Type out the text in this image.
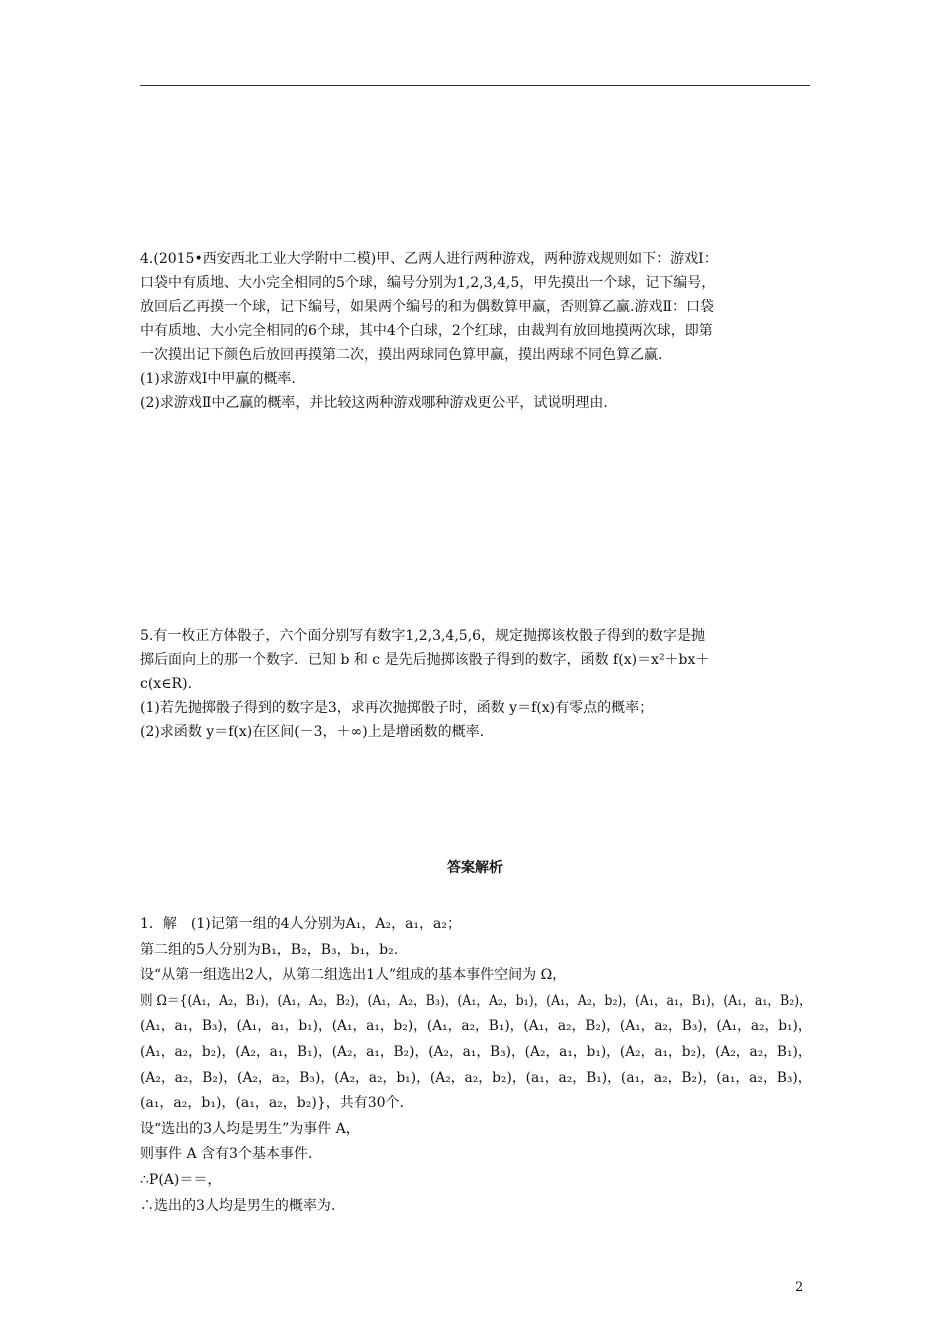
4.(2015•西安西北工业大学附中二模)甲、乙两人进行两种游戏，两种游戏规则如下：游戏Ⅰ：
口袋中有质地、大小完全相同的5个球，编号分别为1,2,3,4,5，甲先摸出一个球，记下编号，
放回后乙再摸一个球，记下编号，如果两个编号的和为偶数算甲赢，否则算乙赢.游戏Ⅱ：口袋
中有质地、大小完全相同的6个球，其中4个白球，2个红球，由裁判有放回地摸两次球，即第
一次摸出记下颜色后放回再摸第二次，摸出两球同色算甲赢，摸出两球不同色算乙赢.
(1)求游戏Ⅰ中甲赢的概率.
(2)求游戏Ⅱ中乙赢的概率，并比较这两种游戏哪种游戏更公平，试说明理由.
5.有一枚正方体骰子，六个面分别写有数字1,2,3,4,5,6，规定抛掷该枚骰子得到的数字是抛
掷后面向上的那一个数字．已知 b 和 c 是先后抛掷该骰子得到的数字，函数 f(x)＝x²＋bx＋
c(x∈R).
(1)若先抛掷骰子得到的数字是3，求再次抛掷骰子时，函数 y＝f(x)有零点的概率；
(2)求函数 y＝f(x)在区间(－3，＋∞)上是增函数的概率.
答案解析
1．解　(1)记第一组的4人分别为A₁，A₂，a₁，a₂；
第二组的5人分别为B₁，B₂，B₃，b₁，b₂.
设“从第一组选出2人，从第二组选出1人”组成的基本事件空间为 Ω，
则 Ω＝{(A₁，A₂，B₁)，(A₁，A₂，B₂)，(A₁，A₂，B₃)，(A₁，A₂，b₁)，(A₁，A₂，b₂)，(A₁，a₁，B₁)，(A₁，a₁，B₂)，
(A₁，a₁，B₃)，(A₁，a₁，b₁)，(A₁，a₁，b₂)，(A₁，a₂，B₁)，(A₁，a₂，B₂)，(A₁，a₂，B₃)，(A₁，a₂，b₁)，
(A₁，a₂，b₂)，(A₂，a₁，B₁)，(A₂，a₁，B₂)，(A₂，a₁，B₃)，(A₂，a₁，b₁)，(A₂，a₁，b₂)，(A₂，a₂，B₁)，
(A₂，a₂，B₂)，(A₂，a₂，B₃)，(A₂，a₂，b₁)，(A₂，a₂，b₂)，(a₁，a₂，B₁)，(a₁，a₂，B₂)，(a₁，a₂，B₃)，
(a₁，a₂，b₁)，(a₁，a₂，b₂)}，共有30个.
设“选出的3人均是男生”为事件 A，
则事件 A 含有3个基本事件.
∴P(A)＝＝，
∴选出的3人均是男生的概率为.
2
